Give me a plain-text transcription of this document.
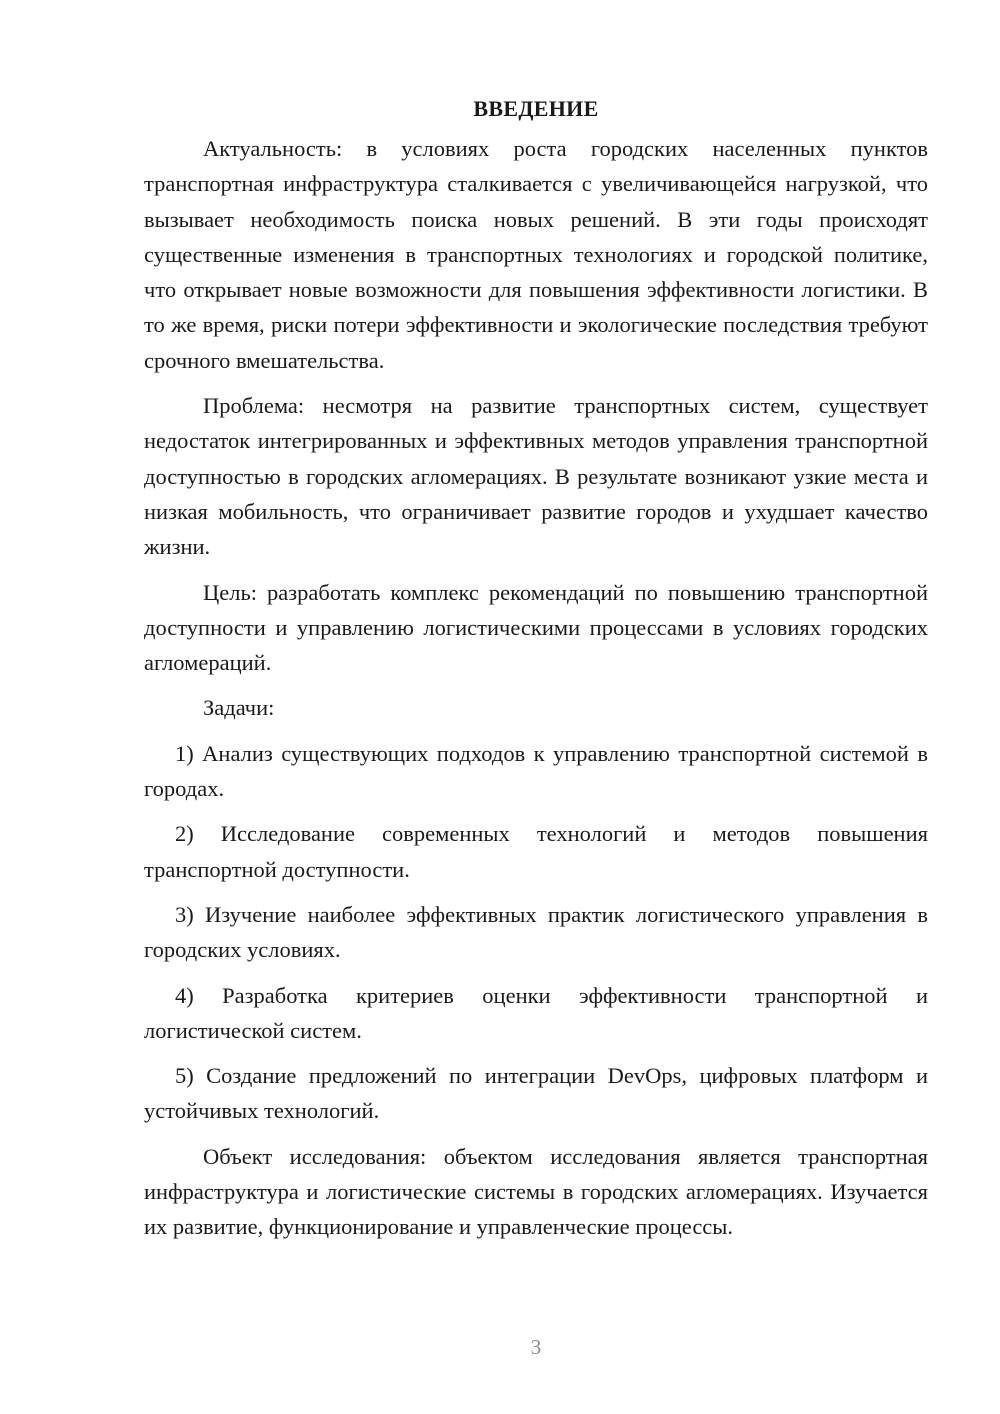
ВВЕДЕНИЕ

Актуальность: в условиях роста городских населенных пунктов транспортная инфраструктура сталкивается с увеличивающейся нагрузкой, что вызывает необходимость поиска новых решений. В эти годы происходят существенные изменения в транспортных технологиях и городской политике, что открывает новые возможности для повышения эффективности логистики. В то же время, риски потери эффективности и экологические последствия требуют срочного вмешательства.

Проблема: несмотря на развитие транспортных систем, существует недостаток интегрированных и эффективных методов управления транспортной доступностью в городских агломерациях. В результате возникают узкие места и низкая мобильность, что ограничивает развитие городов и ухудшает качество жизни.

Цель: разработать комплекс рекомендаций по повышению транспортной доступности и управлению логистическими процессами в условиях городских агломераций.

Задачи:

1) Анализ существующих подходов к управлению транспортной системой в городах.

2) Исследование современных технологий и методов повышения транспортной доступности.

3) Изучение наиболее эффективных практик логистического управления в городских условиях.

4) Разработка критериев оценки эффективности транспортной и логистической систем.

5) Создание предложений по интеграции DevOps, цифровых платформ и устойчивых технологий.

Объект исследования: объектом исследования является транспортная инфраструктура и логистические системы в городских агломерациях. Изучается их развитие, функционирование и управленческие процессы.

3
